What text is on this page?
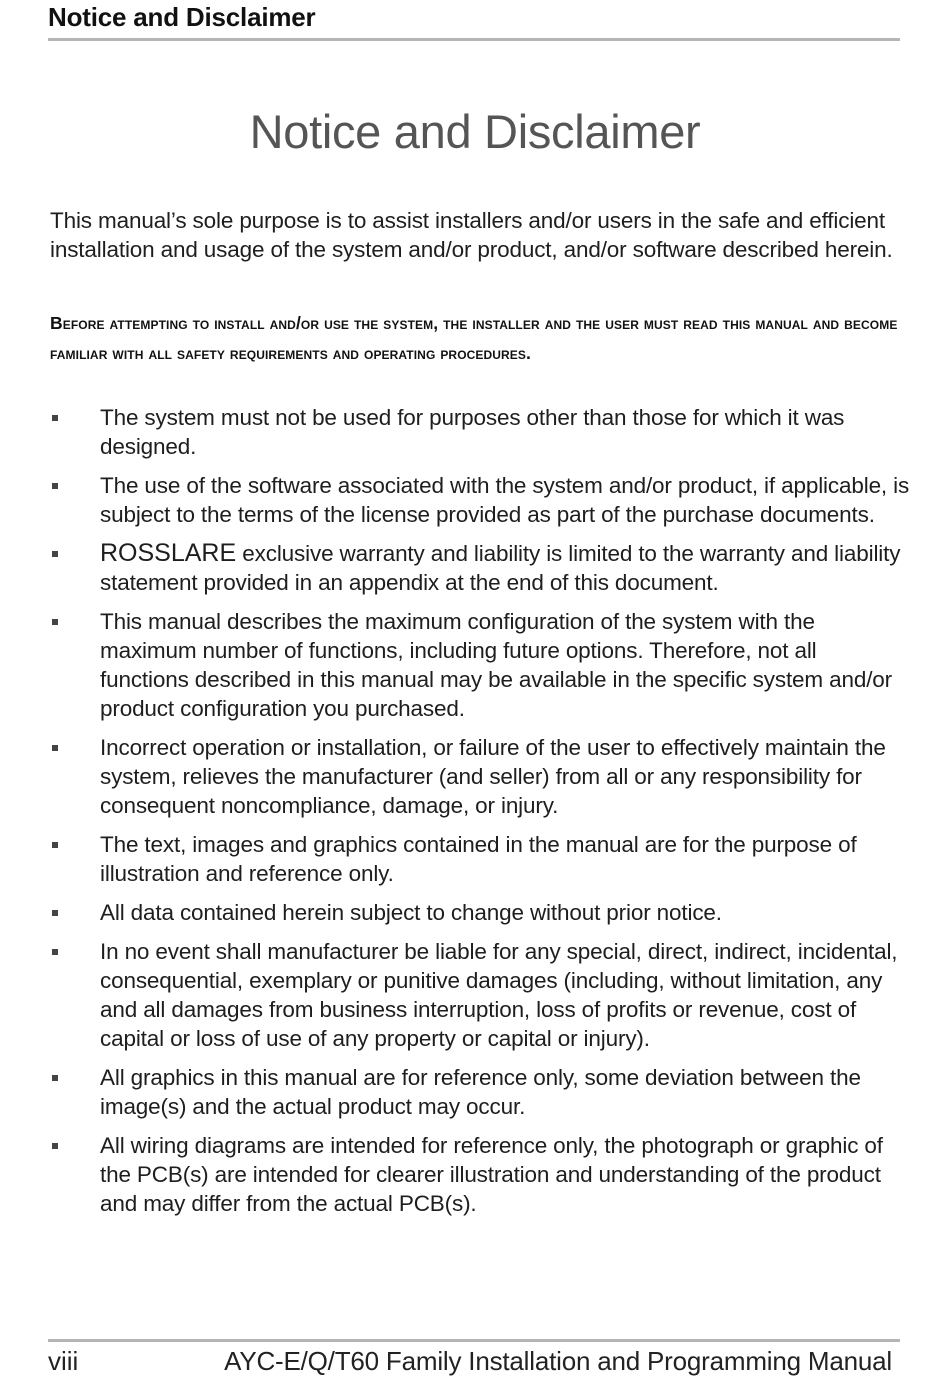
Notice and Disclaimer
Notice and Disclaimer

This manual’s sole purpose is to assist installers and/or users in the safe and efficient installation and usage of the system and/or product, and/or software described herein.

Before attempting to install and/or use the system, the installer and the user must read this manual and become familiar with all safety requirements and operating procedures.

The system must not be used for purposes other than those for which it was designed.
The use of the software associated with the system and/or product, if applicable, is subject to the terms of the license provided as part of the purchase documents.
ROSSLARE exclusive warranty and liability is limited to the warranty and liability statement provided in an appendix at the end of this document.
This manual describes the maximum configuration of the system with the maximum number of functions, including future options. Therefore, not all functions described in this manual may be available in the specific system and/or product configuration you purchased.
Incorrect operation or installation, or failure of the user to effectively maintain the system, relieves the manufacturer (and seller) from all or any responsibility for consequent noncompliance, damage, or injury.
The text, images and graphics contained in the manual are for the purpose of illustration and reference only.
All data contained herein subject to change without prior notice.
In no event shall manufacturer be liable for any special, direct, indirect, incidental, consequential, exemplary or punitive damages (including, without limitation, any and all damages from business interruption, loss of profits or revenue, cost of capital or loss of use of any property or capital or injury).
All graphics in this manual are for reference only, some deviation between the image(s) and the actual product may occur.
All wiring diagrams are intended for reference only, the photograph or graphic of the PCB(s) are intended for clearer illustration and understanding of the product and may differ from the actual PCB(s).
viii	AYC-E/Q/T60 Family Installation and Programming Manual
